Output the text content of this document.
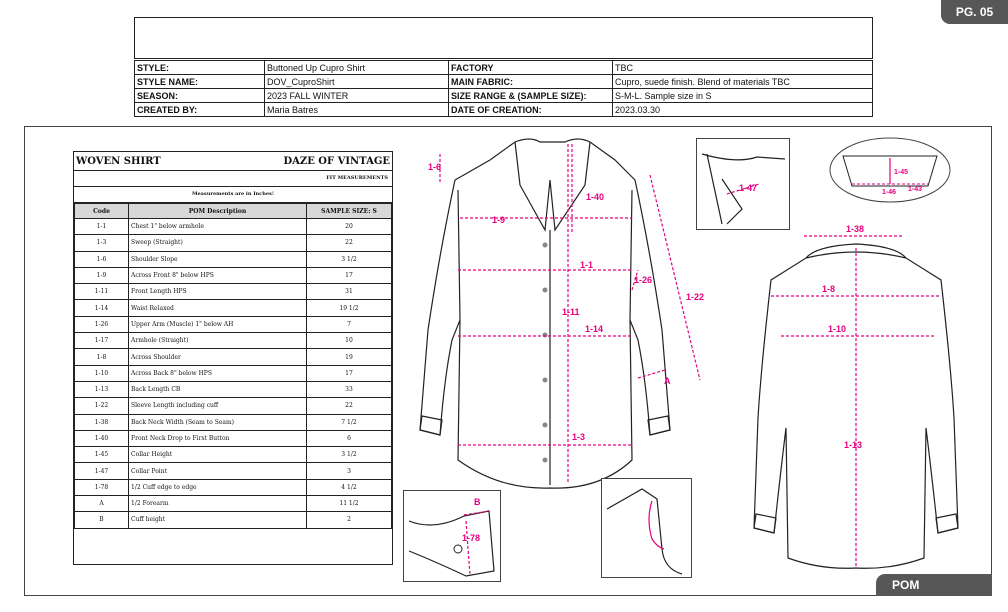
PG. 05
STYLE:	Buttoned Up Cupro Shirt	FACTORY	TBC
STYLE NAME:	DOV_CuproShirt	MAIN FABRIC:	Cupro, suede finish. Blend of materials TBC
SEASON:	2023 FALL WINTER	SIZE RANGE & (SAMPLE SIZE):	S-M-L. Sample size in S
CREATED BY:	Maria Batres	DATE OF CREATION:	2023.03.30
WOVEN SHIRT	DAZE OF VINTAGE
FIT MEASUREMENTS
Measurements are in Inches!
Code	POM Description	SAMPLE SIZE: S
1-1	Chest 1" below armhole	20
1-3	Sweep (Straight)	22
1-6	Shoulder Slope	3 1/2
1-9	Across Front 8" below HPS	17
1-11	Front Length HPS	31
1-14	Waist Relaxed	19 1/2
1-26	Upper Arm (Muscle) 1" below AH	7
1-17	Armhole (Straight)	10
1-8	Across Shoulder	19
1-10	Across Back 8" below HPS	17
1-13	Back Length CB	33
1-22	Sleeve Length including cuff	22
1-38	Back Neck Width (Seam to Seam)	7 1/2
1-40	Front Neck Drop to First Button	6
1-45	Collar Height	3 1/2
1-47	Collar Point	3
1-78	1/2 Cuff edge to edge	4 1/2
A	1/2 Forearm	11 1/2
B	Cuff height	2
1-6
1-40
1-9
1-1
1-26
1-22
1-11
1-14
A
1-3
1-47
1-45
1-46 1-43
1-38
1-8
1-10
1-13
B
1-78
POM
